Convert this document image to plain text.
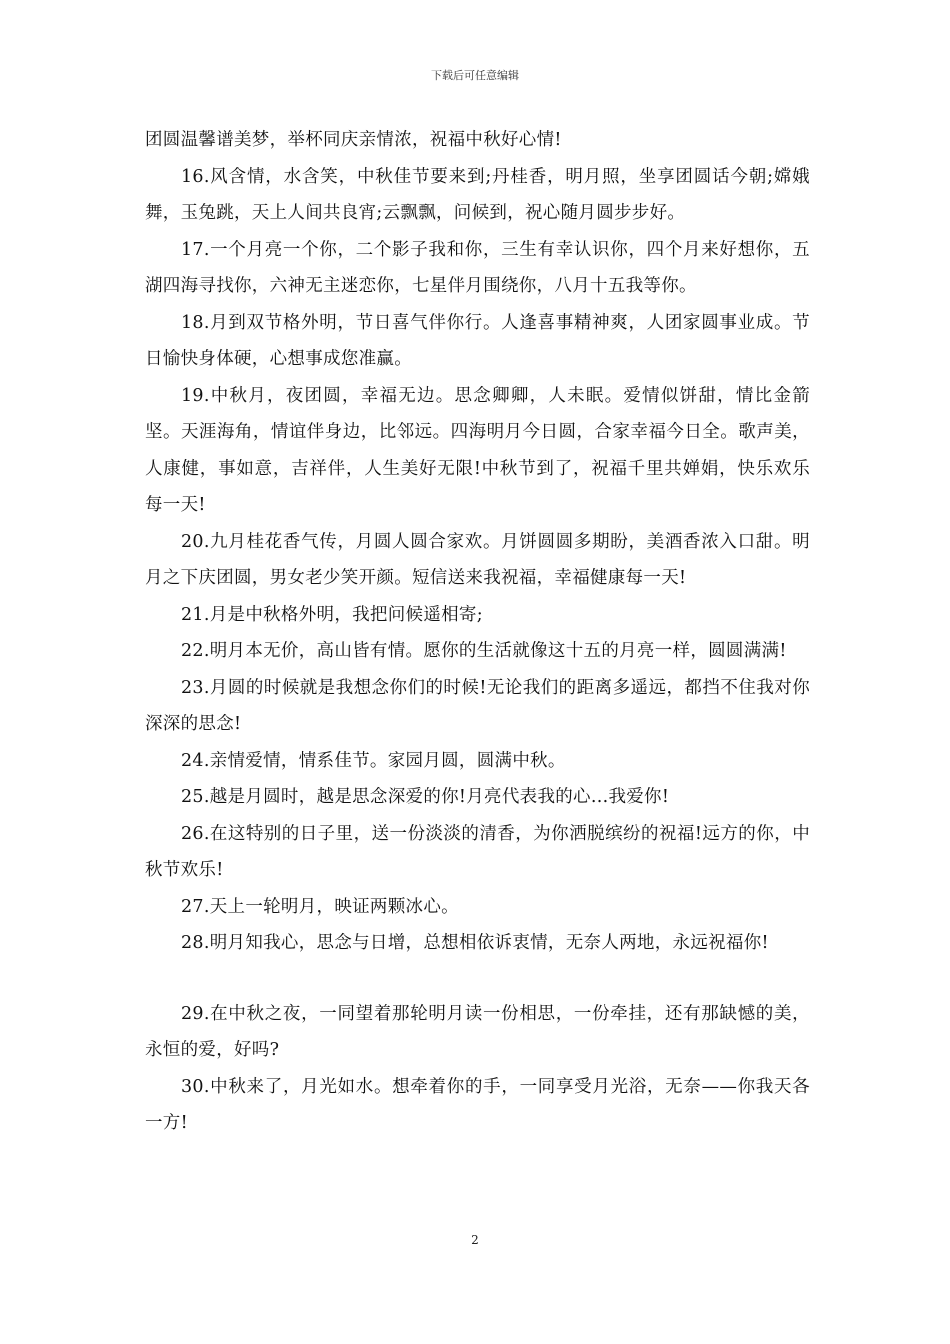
下载后可任意编辑

团圆温馨谱美梦，举杯同庆亲情浓，祝福中秋好心情!

16.风含情，水含笑，中秋佳节要来到;丹桂香，明月照，坐享团圆话今朝;嫦娥舞，玉兔跳，天上人间共良宵;云飘飘，问候到，祝心随月圆步步好。

17.一个月亮一个你，二个影子我和你，三生有幸认识你，四个月来好想你，五湖四海寻找你，六神无主迷恋你，七星伴月围绕你，八月十五我等你。

18.月到双节格外明，节日喜气伴你行。人逢喜事精神爽，人团家圆事业成。节日愉快身体硬，心想事成您准赢。

19.中秋月，夜团圆，幸福无边。思念卿卿，人未眠。爱情似饼甜，情比金箭坚。天涯海角，情谊伴身边，比邻远。四海明月今日圆，合家幸福今日全。歌声美，人康健，事如意，吉祥伴，人生美好无限!中秋节到了，祝福千里共婵娟，快乐欢乐每一天!

20.九月桂花香气传，月圆人圆合家欢。月饼圆圆多期盼，美酒香浓入口甜。明月之下庆团圆，男女老少笑开颜。短信送来我祝福，幸福健康每一天!

21.月是中秋格外明，我把问候遥相寄;

22.明月本无价，高山皆有情。愿你的生活就像这十五的月亮一样，圆圆满满!

23.月圆的时候就是我想念你们的时候!无论我们的距离多遥远，都挡不住我对你深深的思念!

24.亲情爱情，情系佳节。家园月圆，圆满中秋。

25.越是月圆时，越是思念深爱的你!月亮代表我的心...我爱你!

26.在这特别的日子里，送一份淡淡的清香，为你洒脱缤纷的祝福!远方的你，中秋节欢乐!

27.天上一轮明月，映证两颗冰心。

28.明月知我心，思念与日增，总想相依诉衷情，无奈人两地，永远祝福你!

29.在中秋之夜，一同望着那轮明月读一份相思，一份牵挂，还有那缺憾的美，永恒的爱，好吗?

30.中秋来了，月光如水。想牵着你的手，一同享受月光浴，无奈——你我天各一方!

2
